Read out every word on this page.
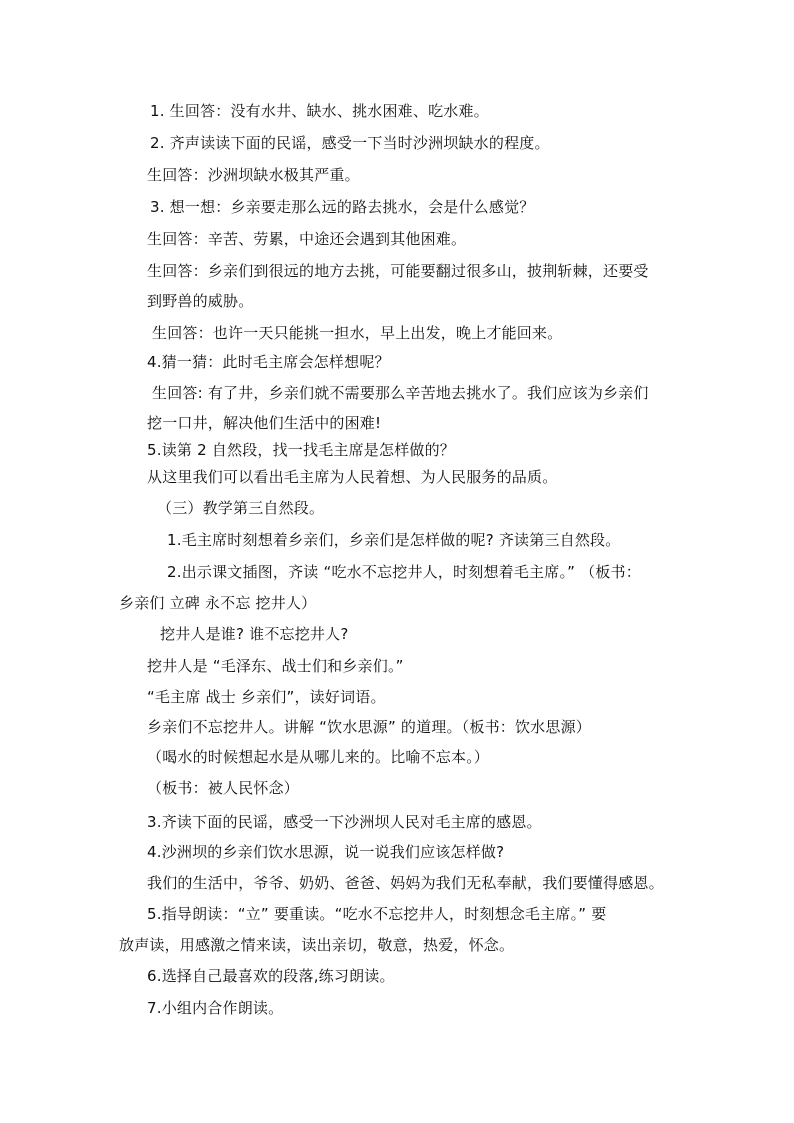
1. 生回答：没有水井、缺水、挑水困难、吃水难。
2. 齐声读读下面的民谣，感受一下当时沙洲坝缺水的程度。
生回答：沙洲坝缺水极其严重。
3. 想一想：乡亲要走那么远的路去挑水，会是什么感觉？
生回答：辛苦、劳累，中途还会遇到其他困难。
生回答：乡亲们到很远的地方去挑，可能要翻过很多山，披荆斩棘，还要受
到野兽的威胁。
生回答：也许一天只能挑一担水，早上出发，晚上才能回来。
4.猜一猜：此时毛主席会怎样想呢？
生回答: 有了井，乡亲们就不需要那么辛苦地去挑水了。我们应该为乡亲们
挖一口井，解决他们生活中的困难!
5.读第 2 自然段，找一找毛主席是怎样做的？
从这里我们可以看出毛主席为人民着想、为人民服务的品质。
（三）教学第三自然段。
1.毛主席时刻想着乡亲们，乡亲们是怎样做的呢? 齐读第三自然段。
2.出示课文插图，齐读 “吃水不忘挖井人，时刻想着毛主席。” （板书：
乡亲们 立碑 永不忘 挖井人）
挖井人是谁? 谁不忘挖井人?
挖井人是 “毛泽东、战士们和乡亲们。”
“毛主席 战士 乡亲们”，读好词语。
乡亲们不忘挖井人。讲解 “饮水思源” 的道理。（板书：饮水思源）
（喝水的时候想起水是从哪儿来的。比喻不忘本。）
（板书：被人民怀念）
3.齐读下面的民谣，感受一下沙洲坝人民对毛主席的感恩。
4.沙洲坝的乡亲们饮水思源，说一说我们应该怎样做?
我们的生活中，爷爷、奶奶、爸爸、妈妈为我们无私奉献，我们要懂得感恩。
5.指导朗读：“立” 要重读。“吃水不忘挖井人，时刻想念毛主席。” 要
放声读，用感激之情来读，读出亲切，敬意，热爱，怀念。
6.选择自己最喜欢的段落,练习朗读。
7.小组内合作朗读。
